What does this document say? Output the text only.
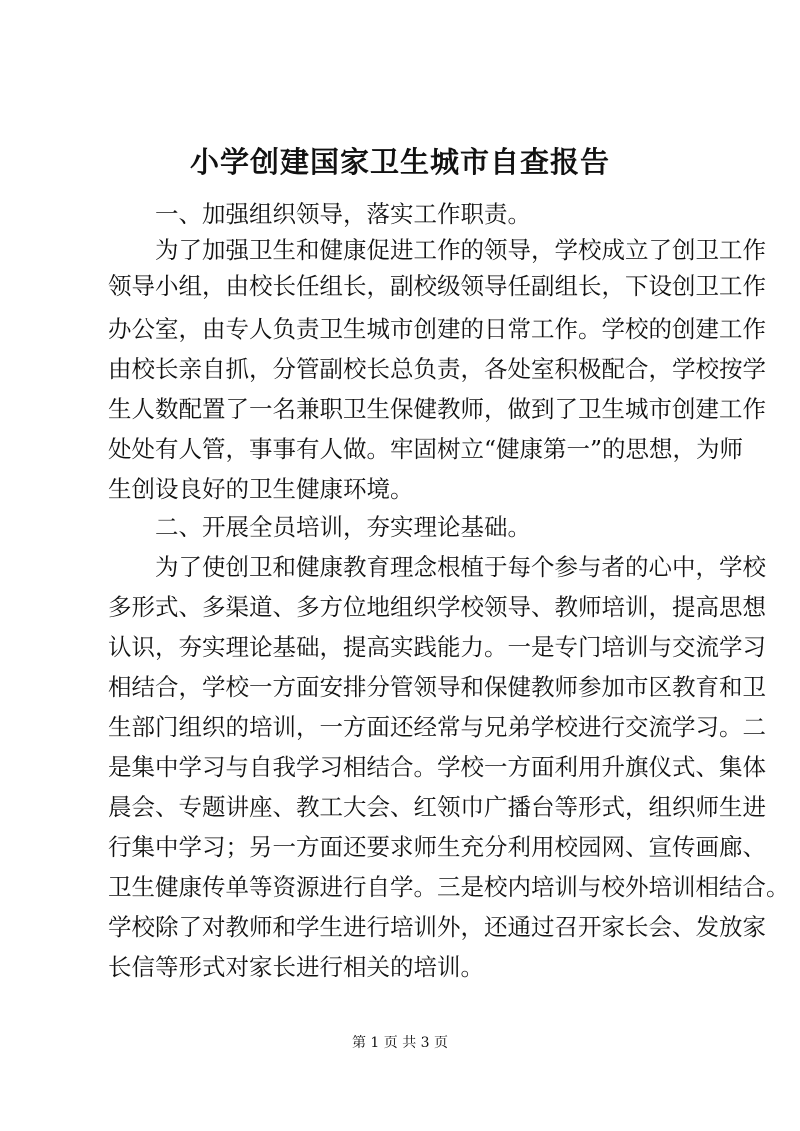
小学创建国家卫生城市自查报告
　　一、加强组织领导，落实工作职责。
　　为了加强卫生和健康促进工作的领导，学校成立了创卫工作
领导小组，由校长任组长，副校级领导任副组长，下设创卫工作
办公室，由专人负责卫生城市创建的日常工作。学校的创建工作
由校长亲自抓，分管副校长总负责，各处室积极配合，学校按学
生人数配置了一名兼职卫生保健教师，做到了卫生城市创建工作
处处有人管，事事有人做。牢固树立“健康第一”的思想，为师
生创设良好的卫生健康环境。
　　二、开展全员培训，夯实理论基础。
　　为了使创卫和健康教育理念根植于每个参与者的心中，学校
多形式、多渠道、多方位地组织学校领导、教师培训，提高思想
认识，夯实理论基础，提高实践能力。一是专门培训与交流学习
相结合，学校一方面安排分管领导和保健教师参加市区教育和卫
生部门组织的培训，一方面还经常与兄弟学校进行交流学习。二
是集中学习与自我学习相结合。学校一方面利用升旗仪式、集体
晨会、专题讲座、教工大会、红领巾广播台等形式，组织师生进
行集中学习；另一方面还要求师生充分利用校园网、宣传画廊、
卫生健康传单等资源进行自学。三是校内培训与校外培训相结合。
学校除了对教师和学生进行培训外，还通过召开家长会、发放家
长信等形式对家长进行相关的培训。
第 1 页 共 3 页
